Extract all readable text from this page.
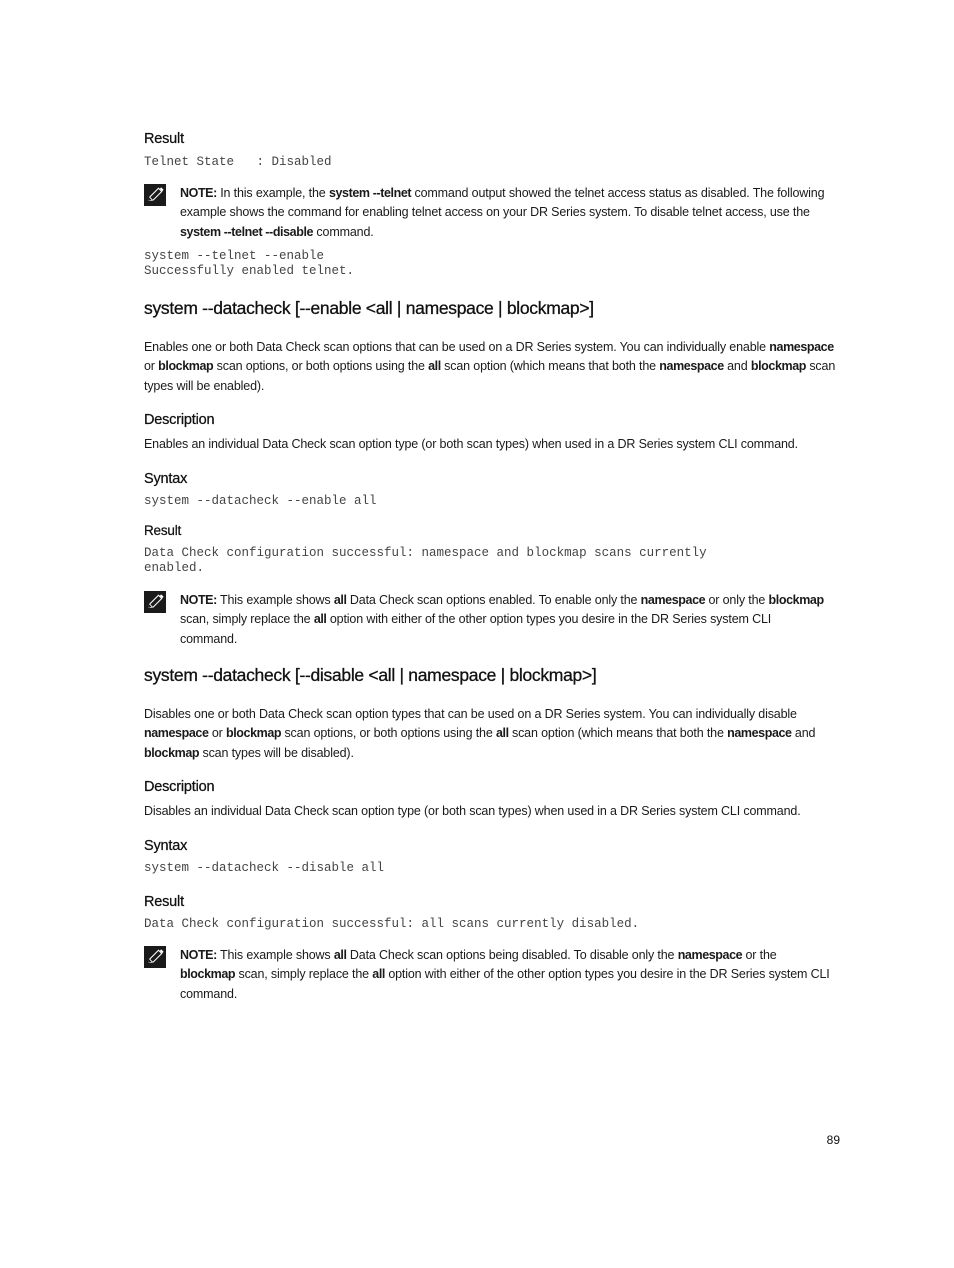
Result
Telnet State   : Disabled
NOTE: In this example, the system --telnet command output showed the telnet access status as disabled. The following example shows the command for enabling telnet access on your DR Series system. To disable telnet access, use the system --telnet --disable command.
system --telnet --enable
Successfully enabled telnet.
system --datacheck [--enable <all | namespace | blockmap>]
Enables one or both Data Check scan options that can be used on a DR Series system. You can individually enable namespace or blockmap scan options, or both options using the all scan option (which means that both the namespace and blockmap scan types will be enabled).
Description
Enables an individual Data Check scan option type (or both scan types) when used in a DR Series system CLI command.
Syntax
system --datacheck --enable all
Result
Data Check configuration successful: namespace and blockmap scans currently
enabled.
NOTE: This example shows all Data Check scan options enabled. To enable only the namespace or only the blockmap scan, simply replace the all option with either of the other option types you desire in the DR Series system CLI command.
system --datacheck [--disable <all | namespace | blockmap>]
Disables one or both Data Check scan option types that can be used on a DR Series system. You can individually disable namespace or blockmap scan options, or both options using the all scan option (which means that both the namespace and blockmap scan types will be disabled).
Description
Disables an individual Data Check scan option type (or both scan types) when used in a DR Series system CLI command.
Syntax
system --datacheck --disable all
Result
Data Check configuration successful: all scans currently disabled.
NOTE: This example shows all Data Check scan options being disabled. To disable only the namespace or the blockmap scan, simply replace the all option with either of the other option types you desire in the DR Series system CLI command.
89
